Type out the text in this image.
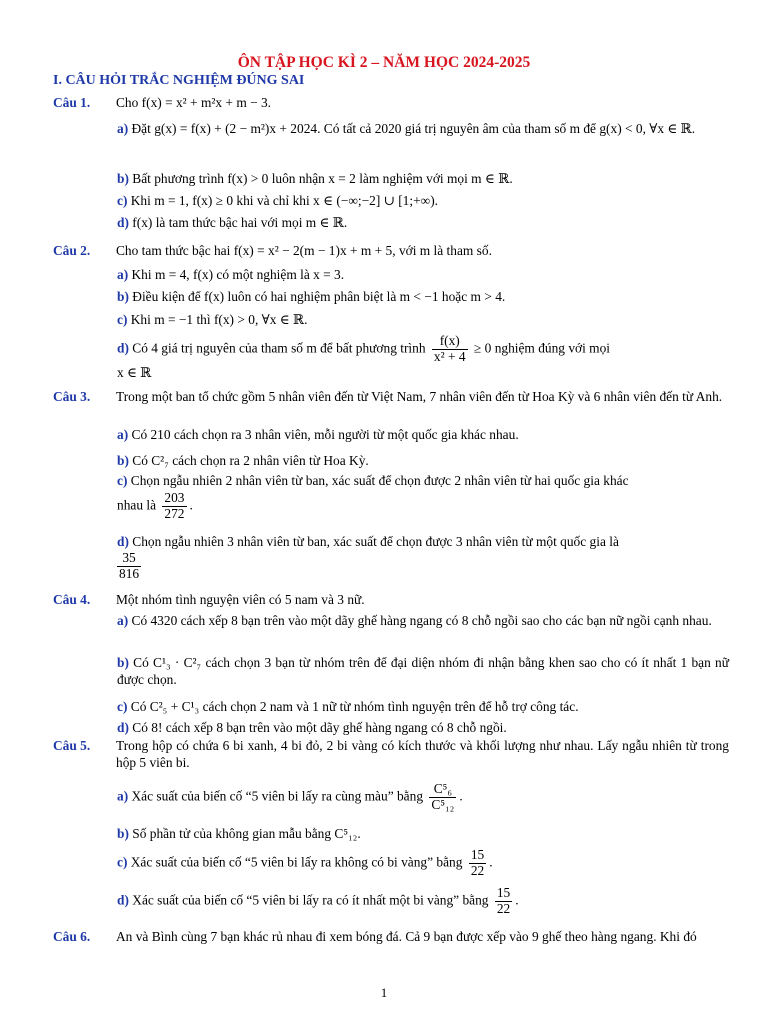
ÔN TẬP HỌC KÌ 2 – NĂM HỌC 2024-2025
I. CÂU HỎI TRẮC NGHIỆM ĐÚNG SAI
Câu 1. Cho f(x) = x² + m²x + m − 3.
a) Đặt g(x) = f(x) + (2 − m²)x + 2024. Có tất cả 2020 giá trị nguyên âm của tham số m để g(x) < 0, ∀x ∈ ℝ.
b) Bất phương trình f(x) > 0 luôn nhận x = 2 làm nghiệm với mọi m ∈ ℝ.
c) Khi m = 1, f(x) ≥ 0 khi và chỉ khi x ∈ (−∞;−2] ∪ [1;+∞).
d) f(x) là tam thức bậc hai với mọi m ∈ ℝ.
Câu 2. Cho tam thức bậc hai f(x) = x² − 2(m − 1)x + m + 5, với m là tham số.
a) Khi m = 4, f(x) có một nghiệm là x = 3.
b) Điều kiện để f(x) luôn có hai nghiệm phân biệt là m < −1 hoặc m > 4.
c) Khi m = −1 thì f(x) > 0, ∀x ∈ ℝ.
d) Có 4 giá trị nguyên của tham số m để bất phương trình $\frac{f(x)}{\text{x² + 4}} \ge 0$ nghiệm đúng với mọi
x ∈ ℝ
Câu 3. Trong một ban tổ chức gồm 5 nhân viên đến từ Việt Nam, 7 nhân viên đến từ Hoa Kỳ và 6 nhân viên đến từ Anh.
a) Có 210 cách chọn ra 3 nhân viên, mỗi người từ một quốc gia khác nhau.
b) Có C²₇ cách chọn ra 2 nhân viên từ Hoa Kỳ.
c) Chọn ngẫu nhiên 2 nhân viên từ ban, xác suất để chọn được 2 nhân viên từ hai quốc gia khác
nhau là $\frac{203}{272}$ .
d) Chọn ngẫu nhiên 3 nhân viên từ ban, xác suất để chọn được 3 nhân viên từ một quốc gia là
$\frac{35}{816}$
Câu 4. Một nhóm tình nguyện viên có 5 nam và 3 nữ.
a) Có 4320 cách xếp 8 bạn trên vào một dãy ghế hàng ngang có 8 chỗ ngồi sao cho các bạn nữ ngồi cạnh nhau.
b) Có C¹₃ · C²₇ cách chọn 3 bạn từ nhóm trên để đại diện nhóm đi nhận bằng khen sao cho có ít nhất 1 bạn nữ được chọn.
c) Có C²₅ + C¹₃ cách chọn 2 nam và 1 nữ từ nhóm tình nguyện trên để hỗ trợ công tác.
d) Có 8! cách xếp 8 bạn trên vào một dãy ghế hàng ngang có 8 chỗ ngồi.
Câu 5. Trong hộp có chứa 6 bi xanh, 4 bi đỏ, 2 bi vàng có kích thước và khối lượng như nhau. Lấy ngẫu nhiên từ trong hộp 5 viên bi.
a) Xác suất của biến cố “5 viên bi lấy ra cùng màu” bằng $\frac{\text{C⁵₆}}{\text{C⁵₁₂}}$ .
b) Số phần tử của không gian mẫu bằng C⁵₁₂.
c) Xác suất của biến cố “5 viên bi lấy ra không có bi vàng” bằng $\frac{15}{22}$ .
d) Xác suất của biến cố “5 viên bi lấy ra có ít nhất một bi vàng” bằng $\frac{15}{22}$ .
Câu 6. An và Bình cùng 7 bạn khác rủ nhau đi xem bóng đá. Cả 9 bạn được xếp vào 9 ghế theo hàng ngang. Khi đó
1
